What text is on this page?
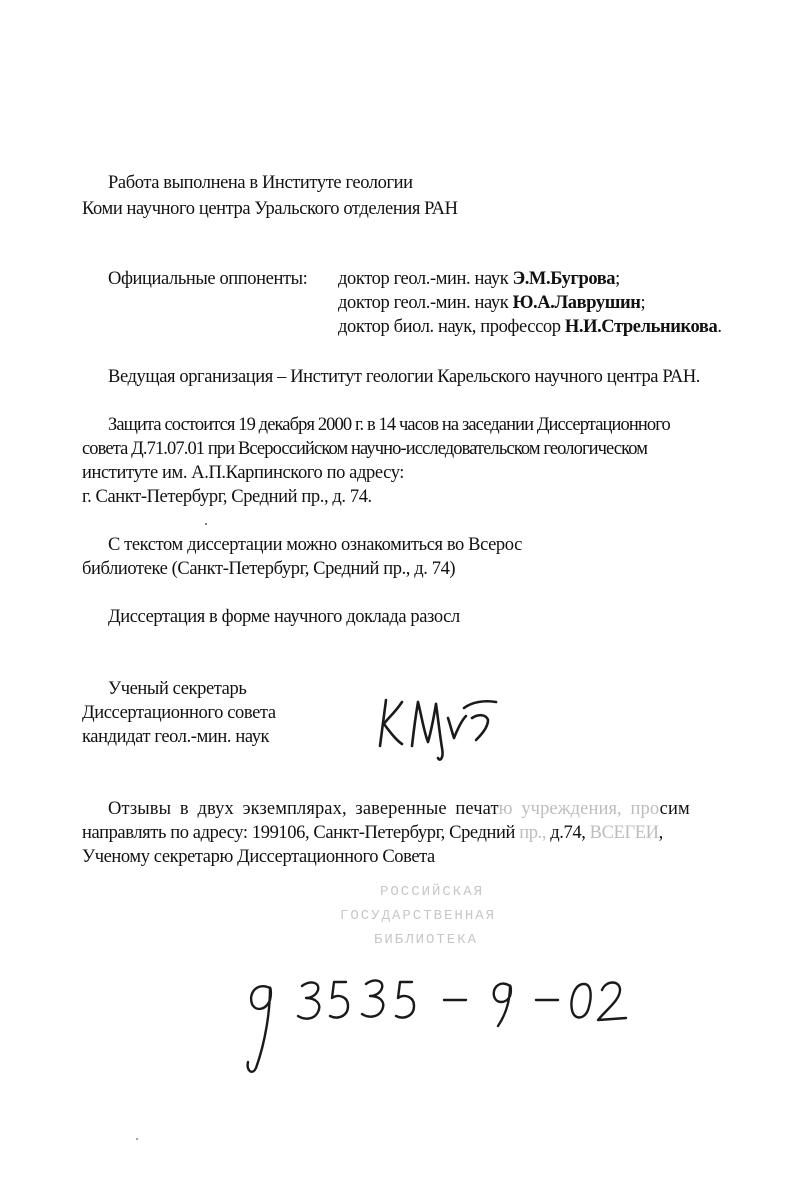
Работа выполнена в Институте геологии
Коми научного центра Уральского отделения РАН
Официальные оппоненты: доктор геол.-мин. наук Э.М.Бугрова;
доктор геол.-мин. наук Ю.А.Лаврушин;
доктор биол. наук, профессор Н.И.Стрельникова.
Ведущая организация – Институт геологии Карельского научного центра РАН.
Защита состоится 19 декабря 2000 г. в 14 часов на заседании Диссертационного
совета Д.71.07.01 при Всероссийском научно-исследовательском геологическом
институте им. А.П.Карпинского по адресу:
г. Санкт-Петербург, Средний пр., д. 74.
С текстом диссертации можно ознакомиться во Всерос
библиотеке (Санкт-Петербург, Средний пр., д. 74)
Диссертация в форме научного доклада разосл
Ученый секретарь
Диссертационного совета
кандидат геол.-мин. наук
Отзывы в двух экземплярах, заверенные печатю учреждения, просим
направлять по адресу: 199106, Санкт-Петербург, Средний пр., д.74, ВСЕГЕИ,
Ученому секретарю Диссертационного Совета
РОССИЙСКАЯ
ГОСУДАРСТВЕННАЯ
БИБЛИОТЕКА
